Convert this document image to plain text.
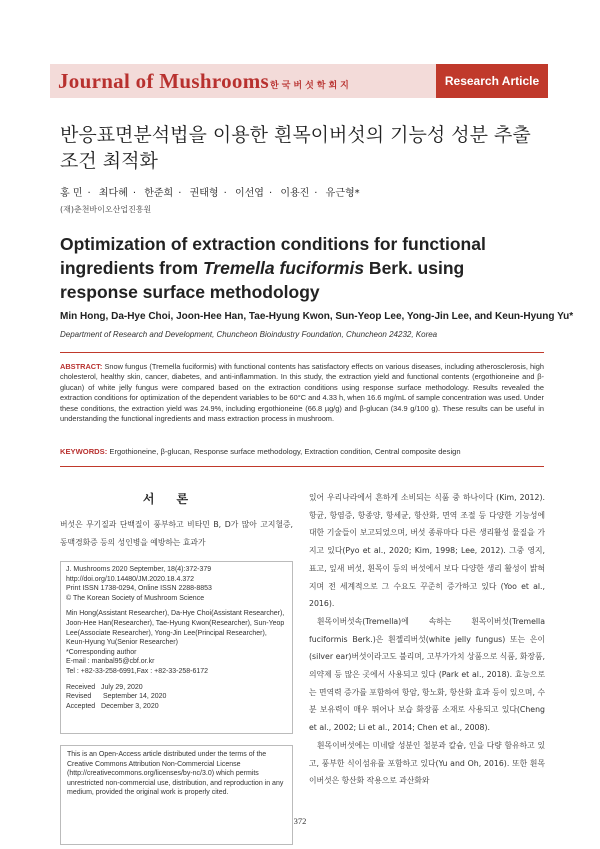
Journal of Mushrooms 한국버섯학회지	Research Article
반응표면분석법을 이용한 흰목이버섯의 기능성 성분 추출 조건 최적화
홍 민 · 최다혜 · 한준희 · 권태형 · 이선엽 · 이용진 · 유근형*
(재)춘천바이오산업진흥원
Optimization of extraction conditions for functional ingredients from Tremella fuciformis Berk. using response surface methodology
Min Hong, Da-Hye Choi, Joon-Hee Han, Tae-Hyung Kwon, Sun-Yeop Lee, Yong-Jin Lee, and Keun-Hyung Yu*
Department of Research and Development, Chuncheon Bioindustry Foundation, Chuncheon 24232, Korea
ABSTRACT: Snow fungus (Tremella fuciformis) with functional contents has satisfactory effects on various diseases, including atherosclerosis, high cholesterol, healthy skin, cancer, diabetes, and anti-inflammation. In this study, the extraction yield and functional contents (ergothioneine and β-glucan) of white jelly fungus were compared based on the extraction conditions using response surface methodology. Results revealed the extraction conditions for optimization of the dependent variables to be 60°C and 4.33 h, when 16.6 mg/mL of sample concentration was used. Under these conditions, the extraction yield was 24.9%, including ergothioneine (66.8 µg/g) and β-glucan (34.9 g/100 g). These results can be useful in understanding the functional ingredients and mass extraction process in mushroom.
KEYWORDS: Ergothioneine, β-glucan, Response surface methodology, Extraction condition, Central composite design
서론
버섯은 무기질과 단백질이 풍부하고 비타민 B, D가 많아 고지혈증, 동맥경화증 등의 성인병을 예방하는 효과가
J. Mushrooms 2020 September, 18(4):372-379
http://doi.org/10.14480/JM.2020.18.4.372
Print ISSN 1738-0294, Online ISSN 2288-8853
© The Korean Society of Mushroom Science
Min Hong(Assistant Researcher), Da-Hye Choi(Assistant Researcher), Joon-Hee Han(Researcher), Tae-Hyung Kwon(Researcher), Sun-Yeop Lee(Associate Researcher), Yong-Jin Lee(Principal Researcher), Keun-Hyung Yu(Senior Researcher)
*Corresponding author
E-mail : manbal95@cbf.or.kr
Tel : +82-33-258-6991,Fax : +82-33-258-6172
Received   July 29, 2020
Revised      September 14, 2020
Accepted   December 3, 2020
This is an Open-Access article distributed under the terms of the Creative Commons Attribution Non-Commercial License (http://creativecommons.org/licenses/by-nc/3.0) which permits unrestricted non-commercial use, distribution, and reproduction in any medium, provided the original work is properly cited.
있어 우리나라에서 흔하게 소비되는 식품 중 하나이다 (Kim, 2012). 항균, 항염증, 항종양, 항세균, 항산화, 면역 조절 등 다양한 기능성에 대한 기술들이 보고되었으며, 버섯 종류마다 다른 생리활성 물질을 가지고 있다(Pyo et al., 2020; Kim, 1998; Lee, 2012). 그중 영지, 표고, 잎새 버섯, 흰목이 등의 버섯에서 보다 다양한 생리 활성이 밝혀지며 전 세계적으로 그 수요도 꾸준히 증가하고 있다 (Yoo et al., 2016).
흰목이버섯속(Tremella)에 속하는 흰목이버섯(Tremella fuciformis Berk.)은 흰젤리버섯(white jelly fungus) 또는 은이(silver ear)버섯이라고도 불리며, 고부가가치 상품으로 식품, 화장품, 의약제 등 많은 곳에서 사용되고 있다 (Park et al., 2018). 효능으로는 면역력 증가를 포함하여 항암, 항노화, 항산화 효과 등이 있으며, 수분 보유력이 매우 뛰어나 보습 화장품 소재로 사용되고 있다(Cheng et al., 2002; Li et al., 2014; Chen et al., 2008).
흰목이버섯에는 미네랄 성분인 철분과 칼슘, 인을 다량 함유하고 있고, 풍부한 식이섬유를 포함하고 있다(Yu and Oh, 2016). 또한 흰목이버섯은 항산화 작용으로 과산화와
372
